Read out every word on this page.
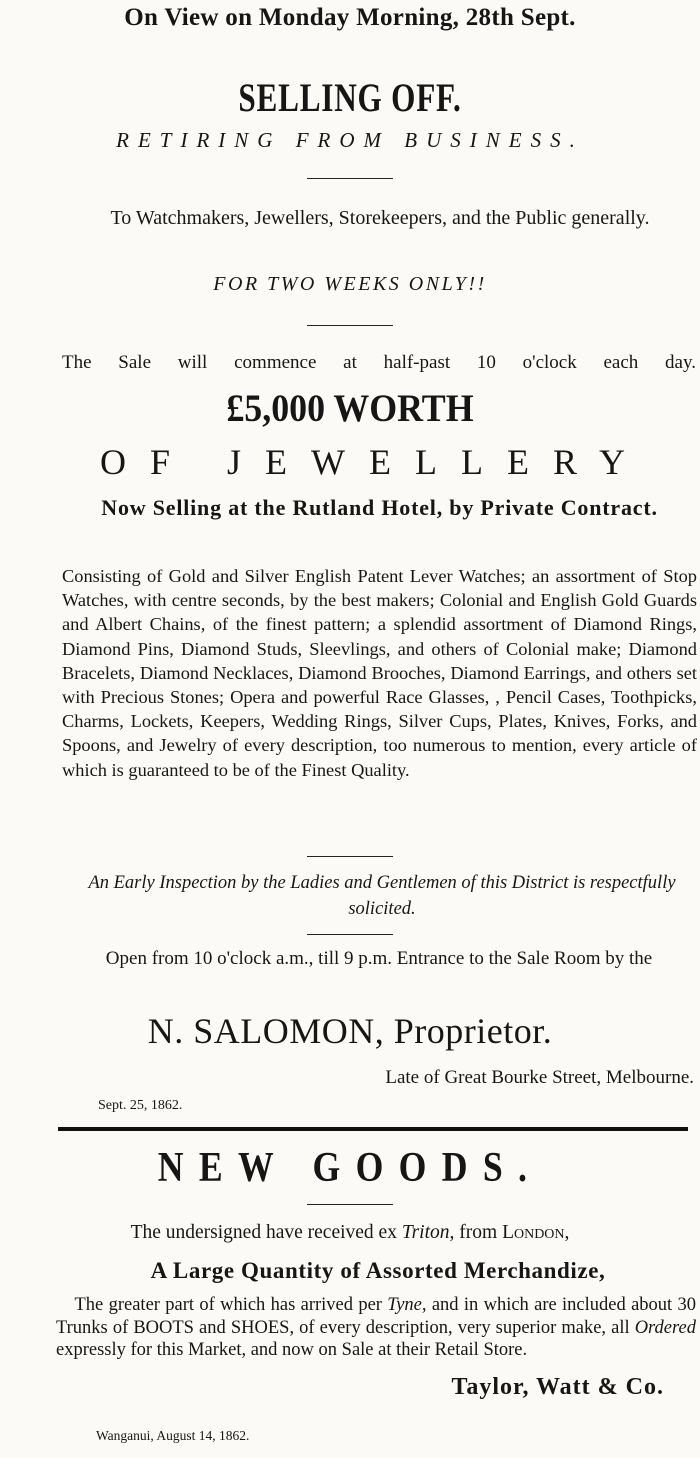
On View on Monday Morning, 28th Sept.
SELLING OFF.
RETIRING FROM BUSINESS.
To Watchmakers, Jewellers, Storekeepers, and the Public generally.
FOR TWO WEEKS ONLY!!
The Sale will commence at half-past 10 o'clock each day.
£5,000 WORTH
OF JEWELLERY
Now Selling at the Rutland Hotel, by Private Contract.
Consisting of Gold and Silver English Patent Lever Watches; an assortment of Stop Watches, with centre seconds, by the best makers; Colonial and English Gold Guards and Albert Chains, of the finest pattern; a splendid assortment of Diamond Rings, Diamond Pins, Diamond Studs, Sleevlings, and others of Colonial make; Diamond Bracelets, Diamond Necklaces, Diamond Brooches, Diamond Earrings, and others set with Precious Stones; Opera and powerful Race Glasses, , Pencil Cases, Toothpicks, Charms, Lockets, Keepers, Wedding Rings, Silver Cups, Plates, Knives, Forks, and Spoons, and Jewelry of every description, too numerous to mention, every article of which is guaranteed to be of the Finest Quality.
An Early Inspection by the Ladies and Gentlemen of this District is respectfully solicited.
Open from 10 o'clock a.m., till 9 p.m. Entrance to the Sale Room by the
N. SALOMON, Proprietor.
Late of Great Bourke Street, Melbourne.
Sept. 25, 1862.
NEW GOODS.
The undersigned have received ex Triton, from London,
A Large Quantity of Assorted Merchandize,
 The greater part of which has arrived per Tyne, and in which are included about 30 Trunks of BOOTS and SHOES, of every description, very superior make, all Ordered expressly for this Market, and now on Sale at their Retail Store.
Taylor, Watt & Co.
Wanganui, August 14, 1862.
